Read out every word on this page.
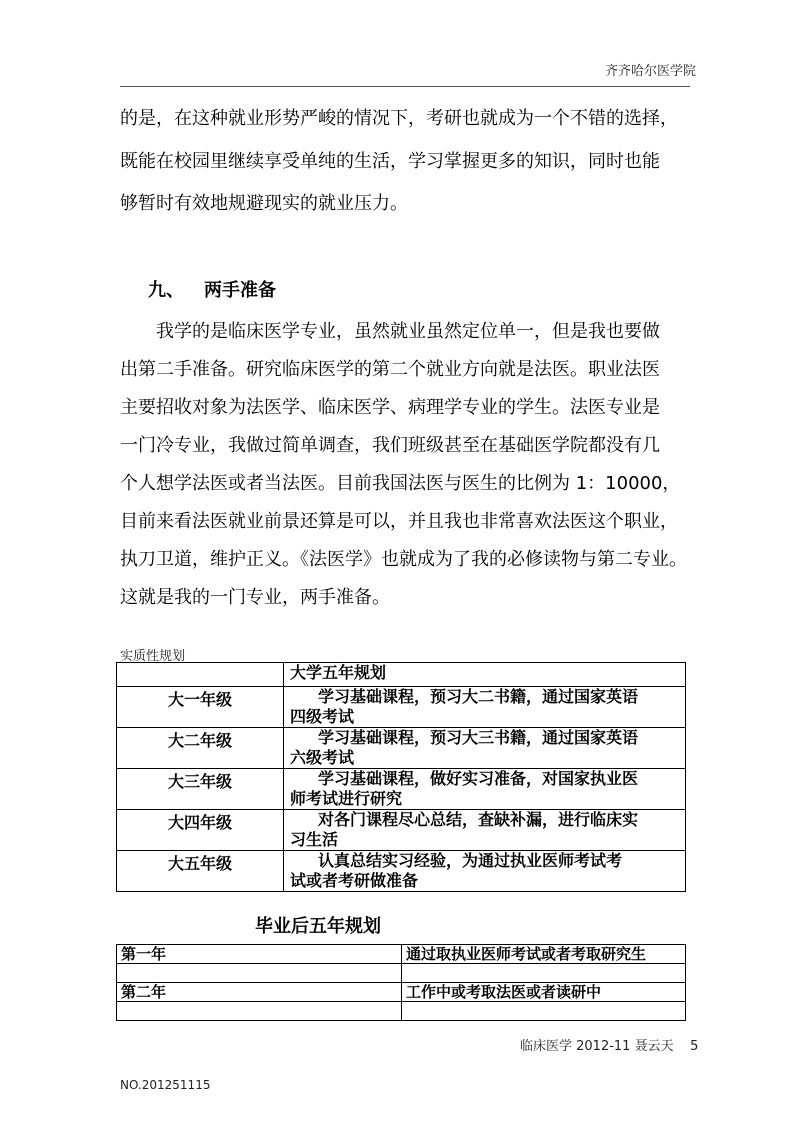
齐齐哈尔医学院
的是，在这种就业形势严峻的情况下，考研也就成为一个不错的选择，
既能在校园里继续享受单纯的生活，学习掌握更多的知识，同时也能
够暂时有效地规避现实的就业压力。
九、 两手准备
　　我学的是临床医学专业，虽然就业虽然定位单一，但是我也要做
出第二手准备。研究临床医学的第二个就业方向就是法医。职业法医
主要招收对象为法医学、临床医学、病理学专业的学生。法医专业是
一门冷专业，我做过简单调查，我们班级甚至在基础医学院都没有几
个人想学法医或者当法医。目前我国法医与医生的比例为 1：10000，
目前来看法医就业前景还算是可以，并且我也非常喜欢法医这个职业，
执刀卫道，维护正义。《法医学》也就成为了我的必修读物与第二专业。
这就是我的一门专业，两手准备。
实质性规划
	大学五年规划
大一年级	学习基础课程，预习大二书籍，通过国家英语
四级考试

大二年级	学习基础课程，预习大三书籍，通过国家英语
六级考试

大三年级	学习基础课程，做好实习准备，对国家执业医
师考试进行研究

大四年级	对各门课程尽心总结，查缺补漏，进行临床实
习生活

大五年级	认真总结实习经验，为通过执业医师考试考
试或者考研做准备
毕业后五年规划
第一年	通过取执业医师考试或者考取研究生

第二年	工作中或考取法医或者读研中

临床医学 2012-11 聂云天 5
NO.201251115
